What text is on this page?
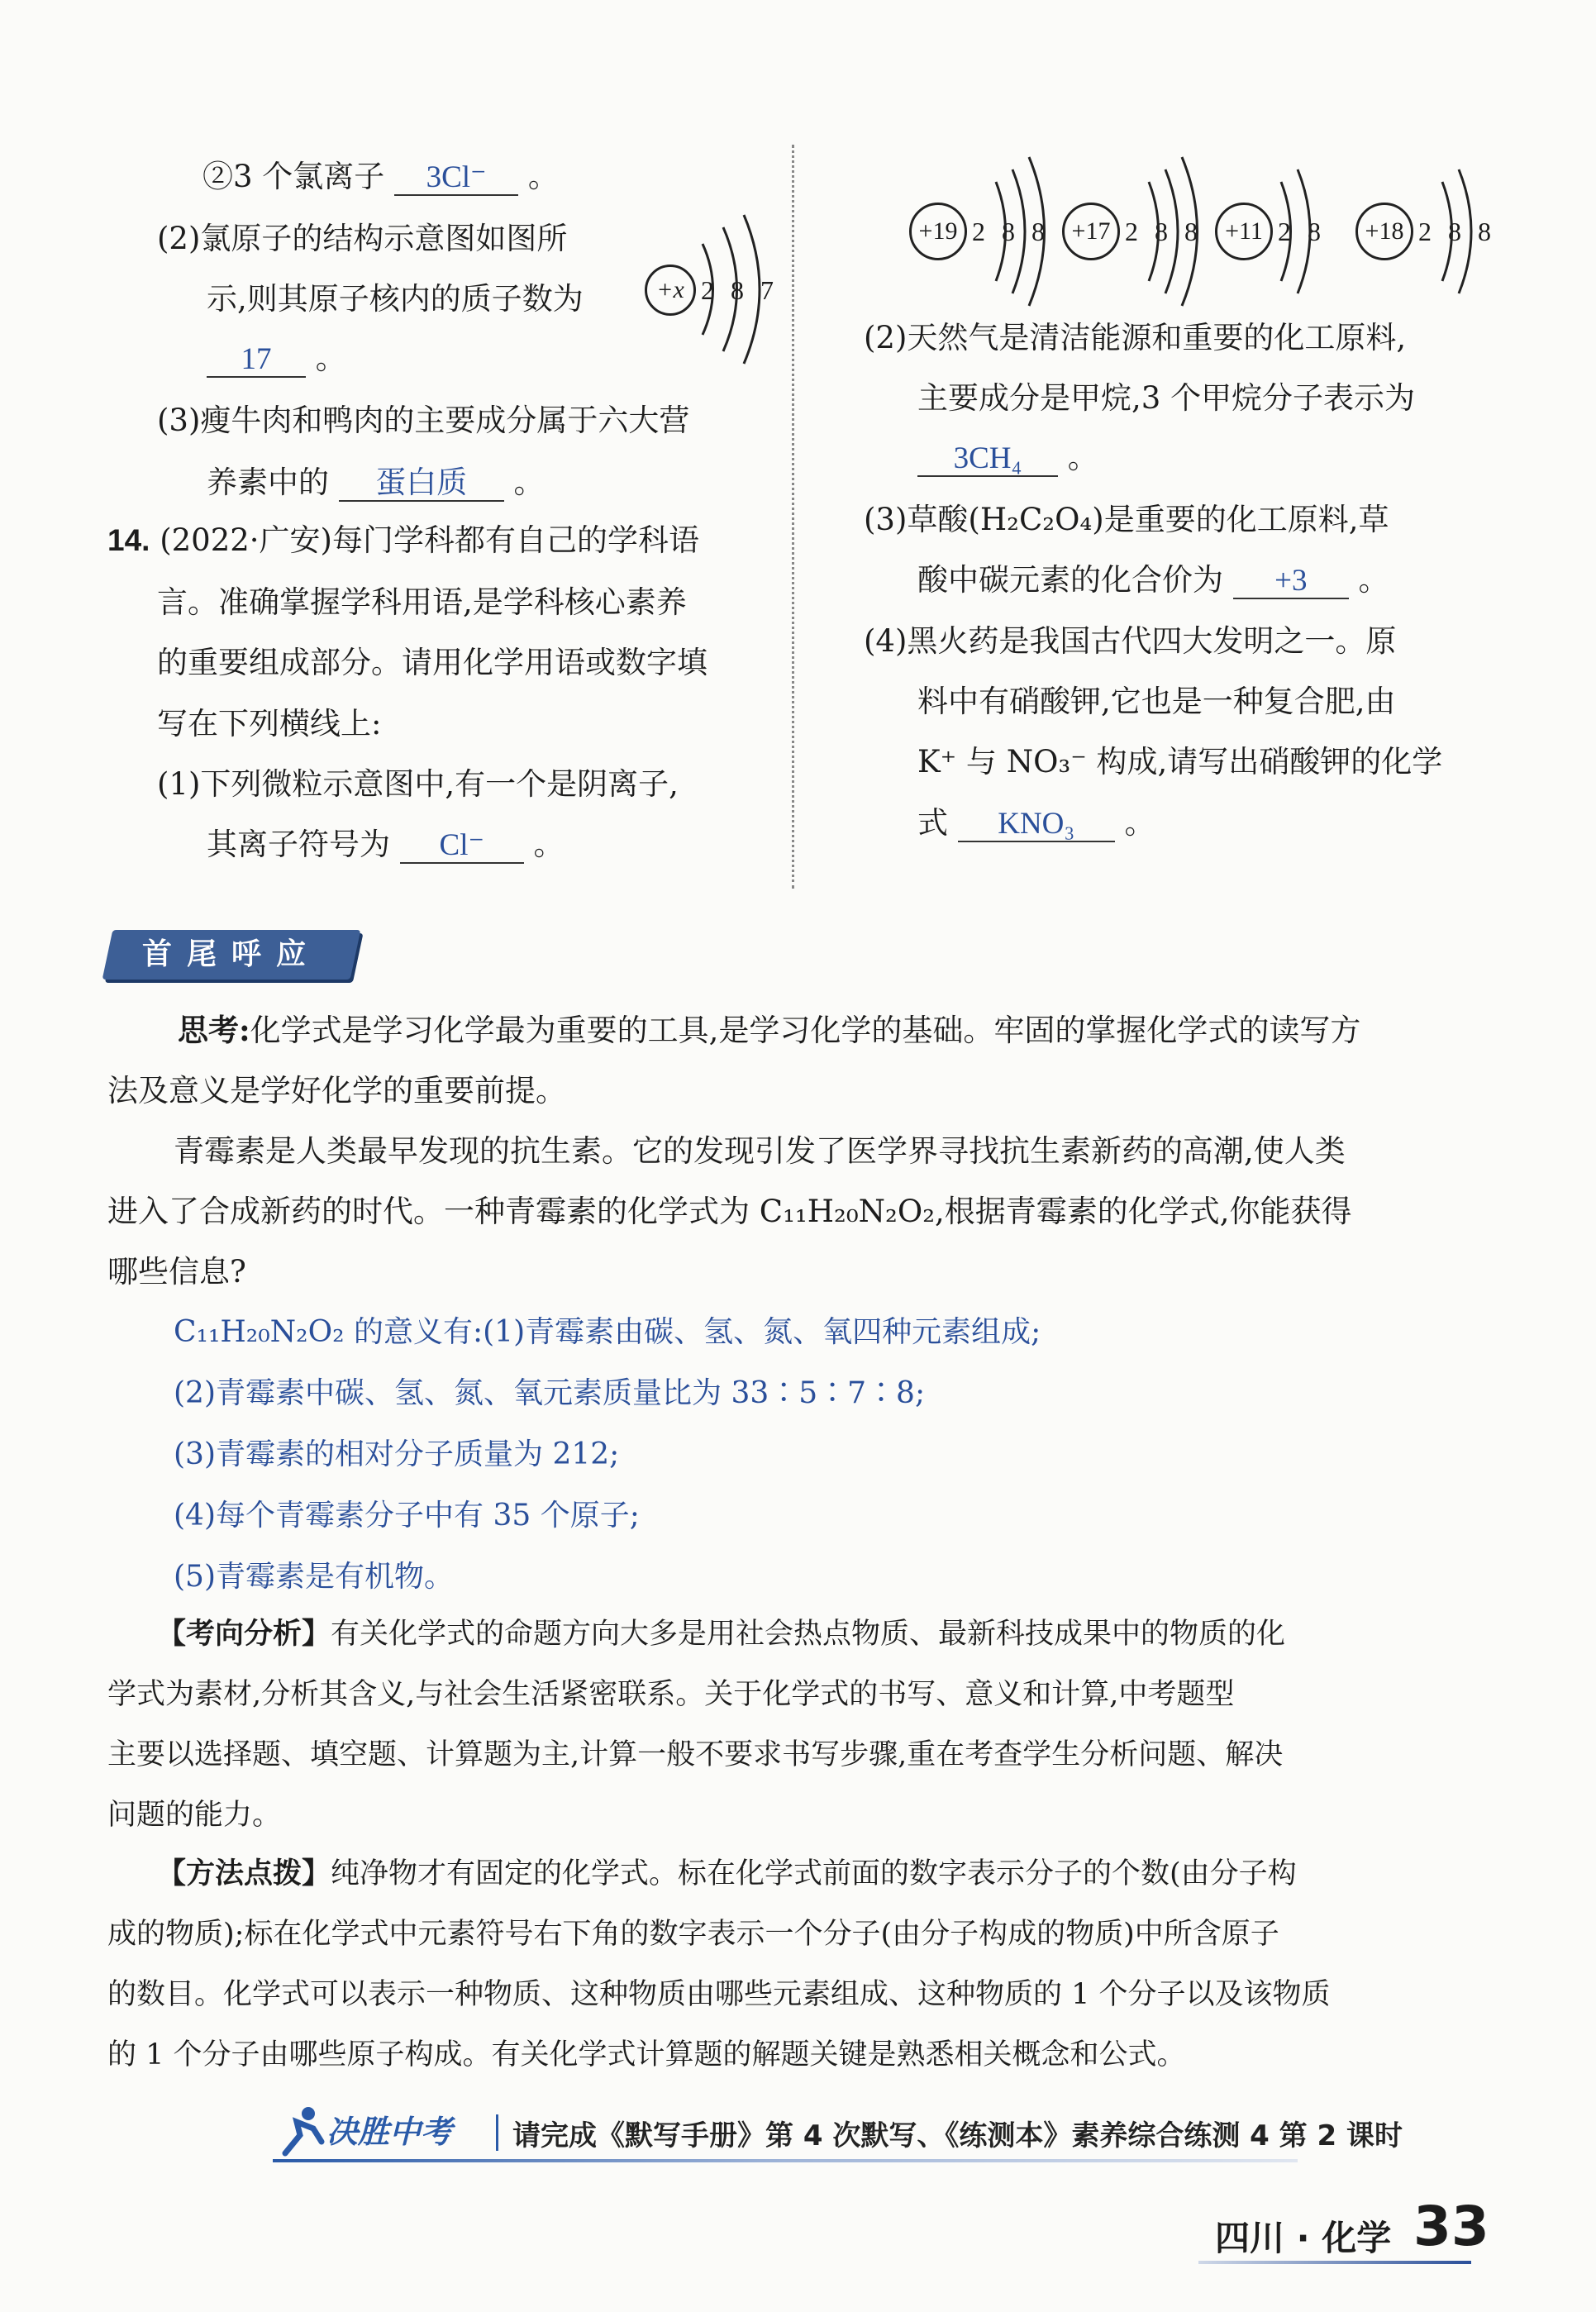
②3 个氯离子 3Cl⁻ 。
(2)氯原子的结构示意图如图所
示,则其原子核内的质子数为	+x 2 8 7
17 。
(3)瘦牛肉和鸭肉的主要成分属于六大营
养素中的 蛋白质 。
14. (2022·广安)每门学科都有自己的学科语
言。准确掌握学科用语,是学科核心素养
的重要组成部分。请用化学用语或数字填
写在下列横线上:
(1)下列微粒示意图中,有一个是阴离子,
其离子符号为 Cl⁻ 。
+19 2 8 8 +17 2 8 8 +11 2 8	+18 2 8 8
(2)天然气是清洁能源和重要的化工原料,
主要成分是甲烷,3 个甲烷分子表示为
3CH₄ 。
(3)草酸(H₂C₂O₄)是重要的化工原料,草
酸中碳元素的化合价为 +3 。
(4)黑火药是我国古代四大发明之一。原
料中有硝酸钾,它也是一种复合肥,由
K⁺ 与 NO₃⁻ 构成,请写出硝酸钾的化学
式 KNO₃ 。
首尾呼应
思考:化学式是学习化学最为重要的工具,是学习化学的基础。牢固的掌握化学式的读写方
法及意义是学好化学的重要前提。
青霉素是人类最早发现的抗生素。它的发现引发了医学界寻找抗生素新药的高潮,使人类
进入了合成新药的时代。一种青霉素的化学式为 C₁₁H₂₀N₂O₂,根据青霉素的化学式,你能获得
哪些信息?
C₁₁H₂₀N₂O₂ 的意义有:(1)青霉素由碳、氢、氮、氧四种元素组成;
(2)青霉素中碳、氢、氮、氧元素质量比为 33∶5∶7∶8;
(3)青霉素的相对分子质量为 212;
(4)每个青霉素分子中有 35 个原子;
(5)青霉素是有机物。
【考向分析】有关化学式的命题方向大多是用社会热点物质、最新科技成果中的物质的化
学式为素材,分析其含义,与社会生活紧密联系。关于化学式的书写、意义和计算,中考题型
主要以选择题、填空题、计算题为主,计算一般不要求书写步骤,重在考查学生分析问题、解决
问题的能力。
【方法点拨】纯净物才有固定的化学式。标在化学式前面的数字表示分子的个数(由分子构
成的物质);标在化学式中元素符号右下角的数字表示一个分子(由分子构成的物质)中所含原子
的数目。化学式可以表示一种物质、这种物质由哪些元素组成、这种物质的 1 个分子以及该物质
的 1 个分子由哪些原子构成。有关化学式计算题的解题关键是熟悉相关概念和公式。
决胜中考 请完成《默写手册》第 4 次默写、《练测本》素养综合练测 4 第 2 课时
四川 · 化学 33
